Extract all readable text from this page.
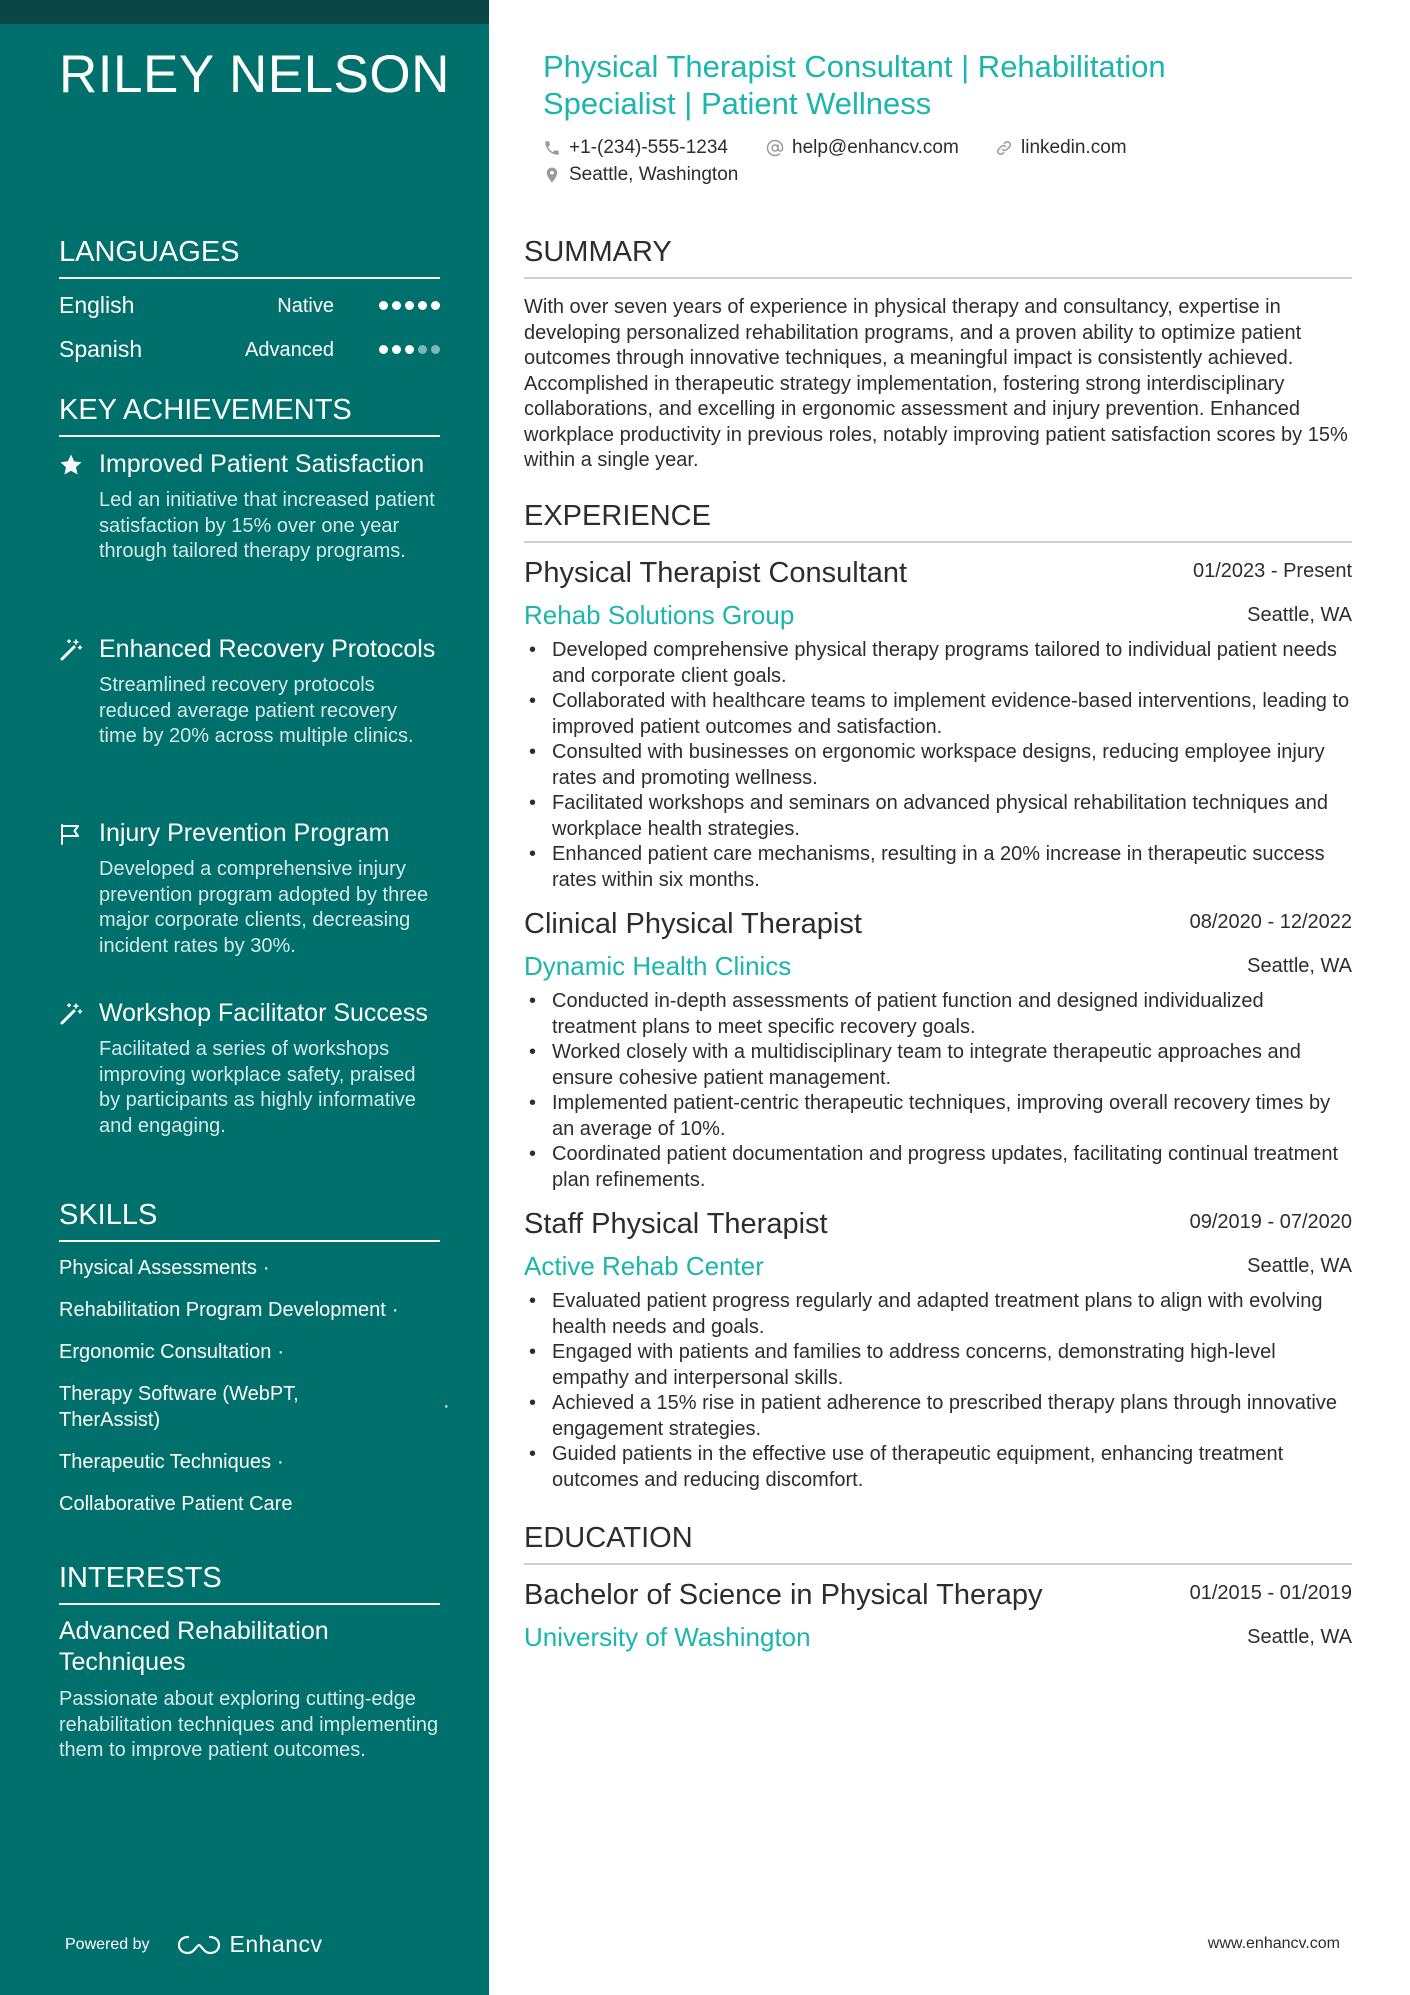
RILEY NELSON
LANGUAGES
English	Native
Spanish	Advanced
KEY ACHIEVEMENTS
Improved Patient Satisfaction
Led an initiative that increased patient satisfaction by 15% over one year through tailored therapy programs.
Enhanced Recovery Protocols
Streamlined recovery protocols reduced average patient recovery time by 20% across multiple clinics.
Injury Prevention Program
Developed a comprehensive injury prevention program adopted by three major corporate clients, decreasing incident rates by 30%.
Workshop Facilitator Success
Facilitated a series of workshops improving workplace safety, praised by participants as highly informative and engaging.
SKILLS
Physical Assessments ·
Rehabilitation Program Development ·
Ergonomic Consultation ·
Therapy Software (WebPT, TherAssist)
·
Therapeutic Techniques ·
Collaborative Patient Care
INTERESTS
Advanced Rehabilitation Techniques
Passionate about exploring cutting-edge rehabilitation techniques and implementing them to improve patient outcomes.
Powered by	Enhancv
Physical Therapist Consultant | Rehabilitation Specialist | Patient Wellness
+1-(234)-555-1234	help@enhancv.com	linkedin.com
Seattle, Washington
SUMMARY

With over seven years of experience in physical therapy and consultancy, expertise in developing personalized rehabilitation programs, and a proven ability to optimize patient outcomes through innovative techniques, a meaningful impact is consistently achieved. Accomplished in therapeutic strategy implementation, fostering strong interdisciplinary collaborations, and excelling in ergonomic assessment and injury prevention. Enhanced workplace productivity in previous roles, notably improving patient satisfaction scores by 15% within a single year.

EXPERIENCE
Physical Therapist Consultant	01/2023 - Present
Rehab Solutions Group	Seattle, WA
• Developed comprehensive physical therapy programs tailored to individual patient needs and corporate client goals.
• Collaborated with healthcare teams to implement evidence-based interventions, leading to improved patient outcomes and satisfaction.
• Consulted with businesses on ergonomic workspace designs, reducing employee injury rates and promoting wellness.
• Facilitated workshops and seminars on advanced physical rehabilitation techniques and workplace health strategies.
• Enhanced patient care mechanisms, resulting in a 20% increase in therapeutic success rates within six months.
Clinical Physical Therapist	08/2020 - 12/2022
Dynamic Health Clinics	Seattle, WA
• Conducted in-depth assessments of patient function and designed individualized treatment plans to meet specific recovery goals.
• Worked closely with a multidisciplinary team to integrate therapeutic approaches and ensure cohesive patient management.
• Implemented patient-centric therapeutic techniques, improving overall recovery times by an average of 10%.
• Coordinated patient documentation and progress updates, facilitating continual treatment plan refinements.
Staff Physical Therapist	09/2019 - 07/2020
Active Rehab Center	Seattle, WA
• Evaluated patient progress regularly and adapted treatment plans to align with evolving health needs and goals.
• Engaged with patients and families to address concerns, demonstrating high-level empathy and interpersonal skills.
• Achieved a 15% rise in patient adherence to prescribed therapy plans through innovative engagement strategies.
• Guided patients in the effective use of therapeutic equipment, enhancing treatment outcomes and reducing discomfort.
EDUCATION
Bachelor of Science in Physical Therapy	01/2015 - 01/2019
University of Washington	Seattle, WA
www.enhancv.com
